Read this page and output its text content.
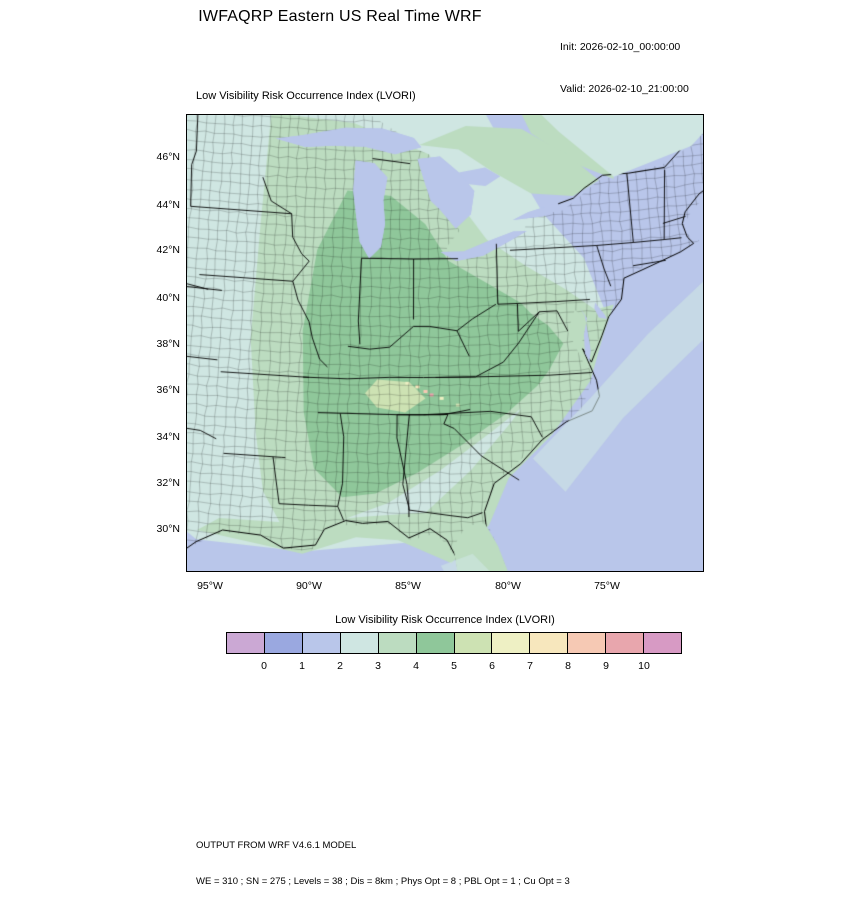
IWFAQRP Eastern US Real Time WRF

Init: 2026-02-10_00:00:00

Valid: 2026-02-10_21:00:00

Low Visibility Risk Occurrence Index (LVORI)
46°N
44°N
42°N
40°N
38°N
36°N
34°N
32°N
30°N
95°W	90°W	85°W	80°W	75°W
Low Visibility Risk Occurrence Index (LVORI)
0	1	2	3	4	5	6	7	8	9	10

OUTPUT FROM WRF V4.6.1 MODEL

WE = 310 ; SN = 275 ; Levels = 38 ; Dis = 8km ; Phys Opt = 8 ; PBL Opt = 1 ; Cu Opt = 3
